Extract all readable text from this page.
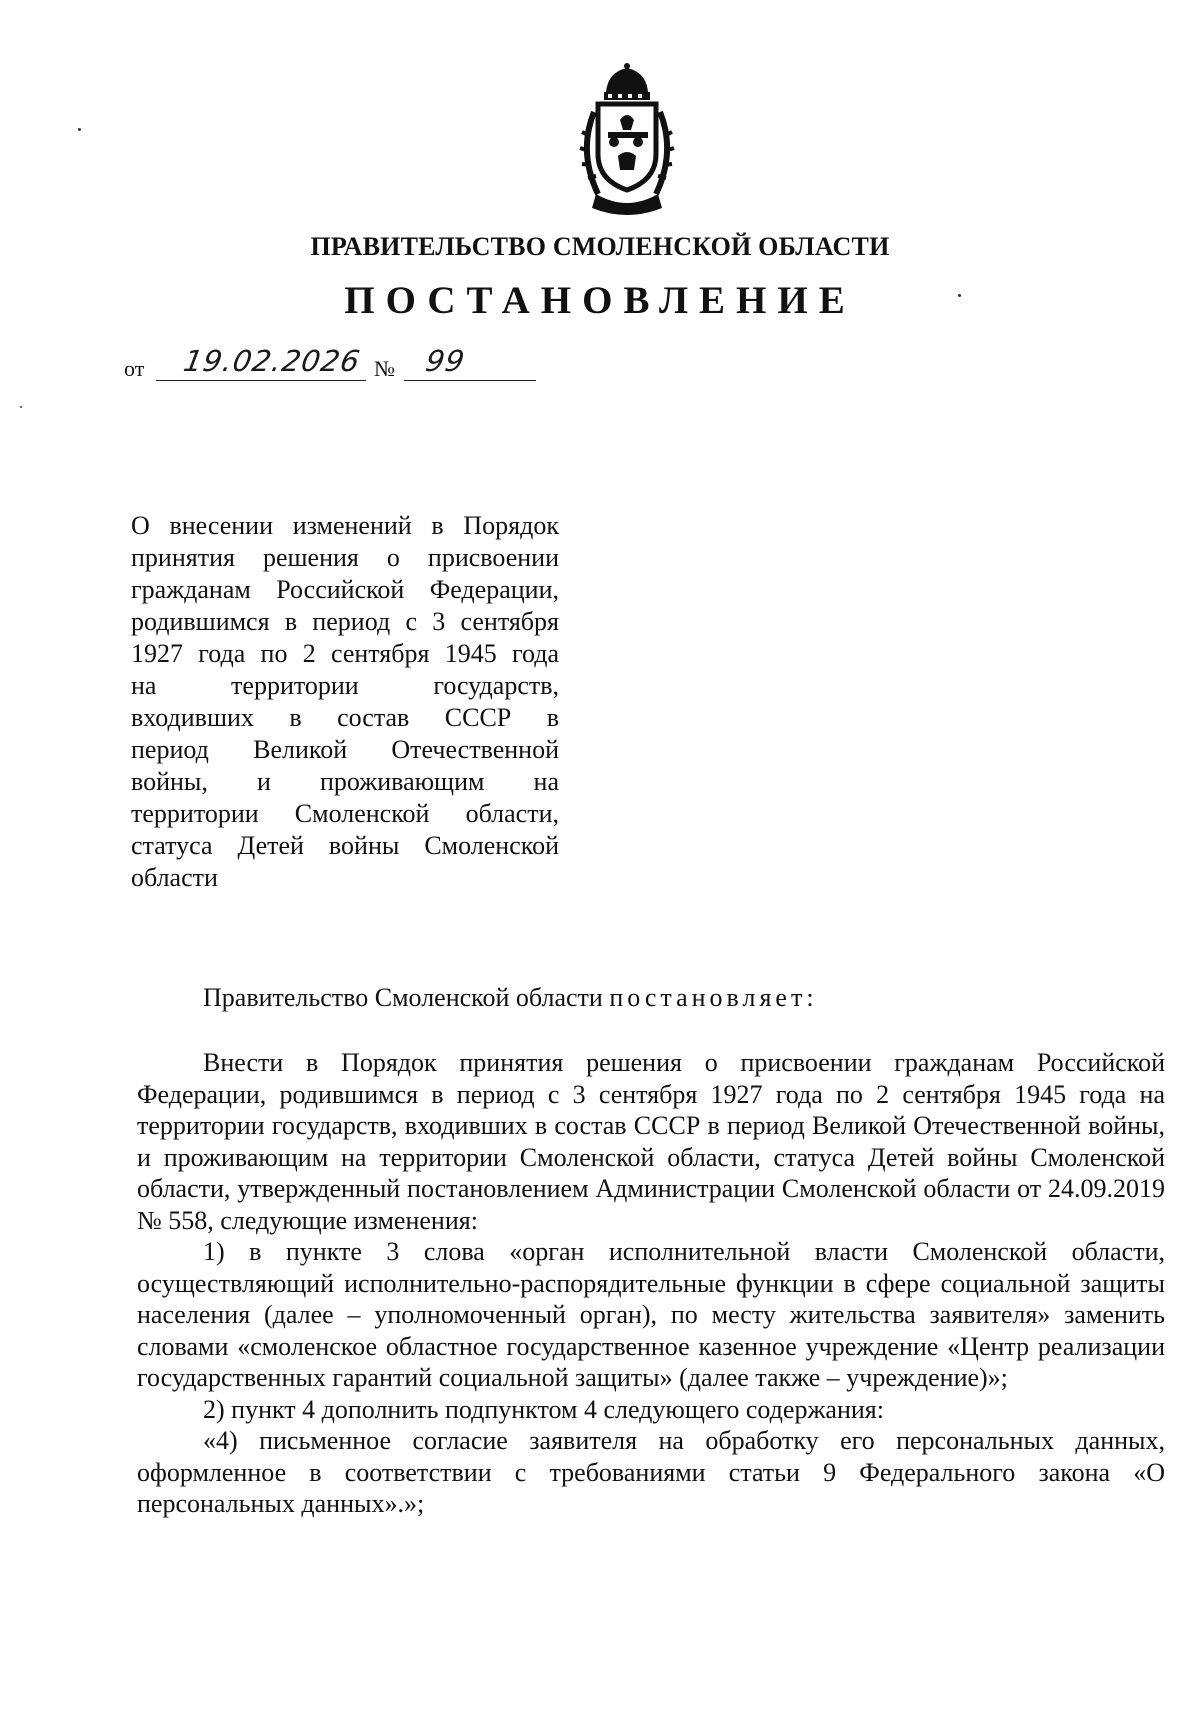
ПРАВИТЕЛЬСТВО СМОЛЕНСКОЙ ОБЛАСТИ
ПОСТАНОВЛЕНИЕ
от 19.02.2026 № 99
О внесении изменений в Порядок
принятия решения о присвоении
гражданам Российской Федерации,
родившимся в период с 3 сентября
1927 года по 2 сентября 1945 года
на территории государств,
входивших в состав СССР в
период Великой Отечественной
войны, и проживающим на
территории Смоленской области,
статуса Детей войны Смоленской
области
Правительство Смоленской области постановляет:

Внести в Порядок принятия решения о присвоении гражданам Российской Федерации, родившимся в период с 3 сентября 1927 года по 2 сентября 1945 года на территории государств, входивших в состав СССР в период Великой Отечественной войны, и проживающим на территории Смоленской области, статуса Детей войны Смоленской области, утвержденный постановлением Администрации Смоленской области от 24.09.2019 № 558, следующие изменения:

1) в пункте 3 слова «орган исполнительной власти Смоленской области, осуществляющий исполнительно-распорядительные функции в сфере социальной защиты населения (далее – уполномоченный орган), по месту жительства заявителя» заменить словами «смоленское областное государственное казенное учреждение «Центр реализации государственных гарантий социальной защиты» (далее также – учреждение)»;

2) пункт 4 дополнить подпунктом 4 следующего содержания:

«4) письменное согласие заявителя на обработку его персональных данных, оформленное в соответствии с требованиями статьи 9 Федерального закона «О персональных данных».»;
